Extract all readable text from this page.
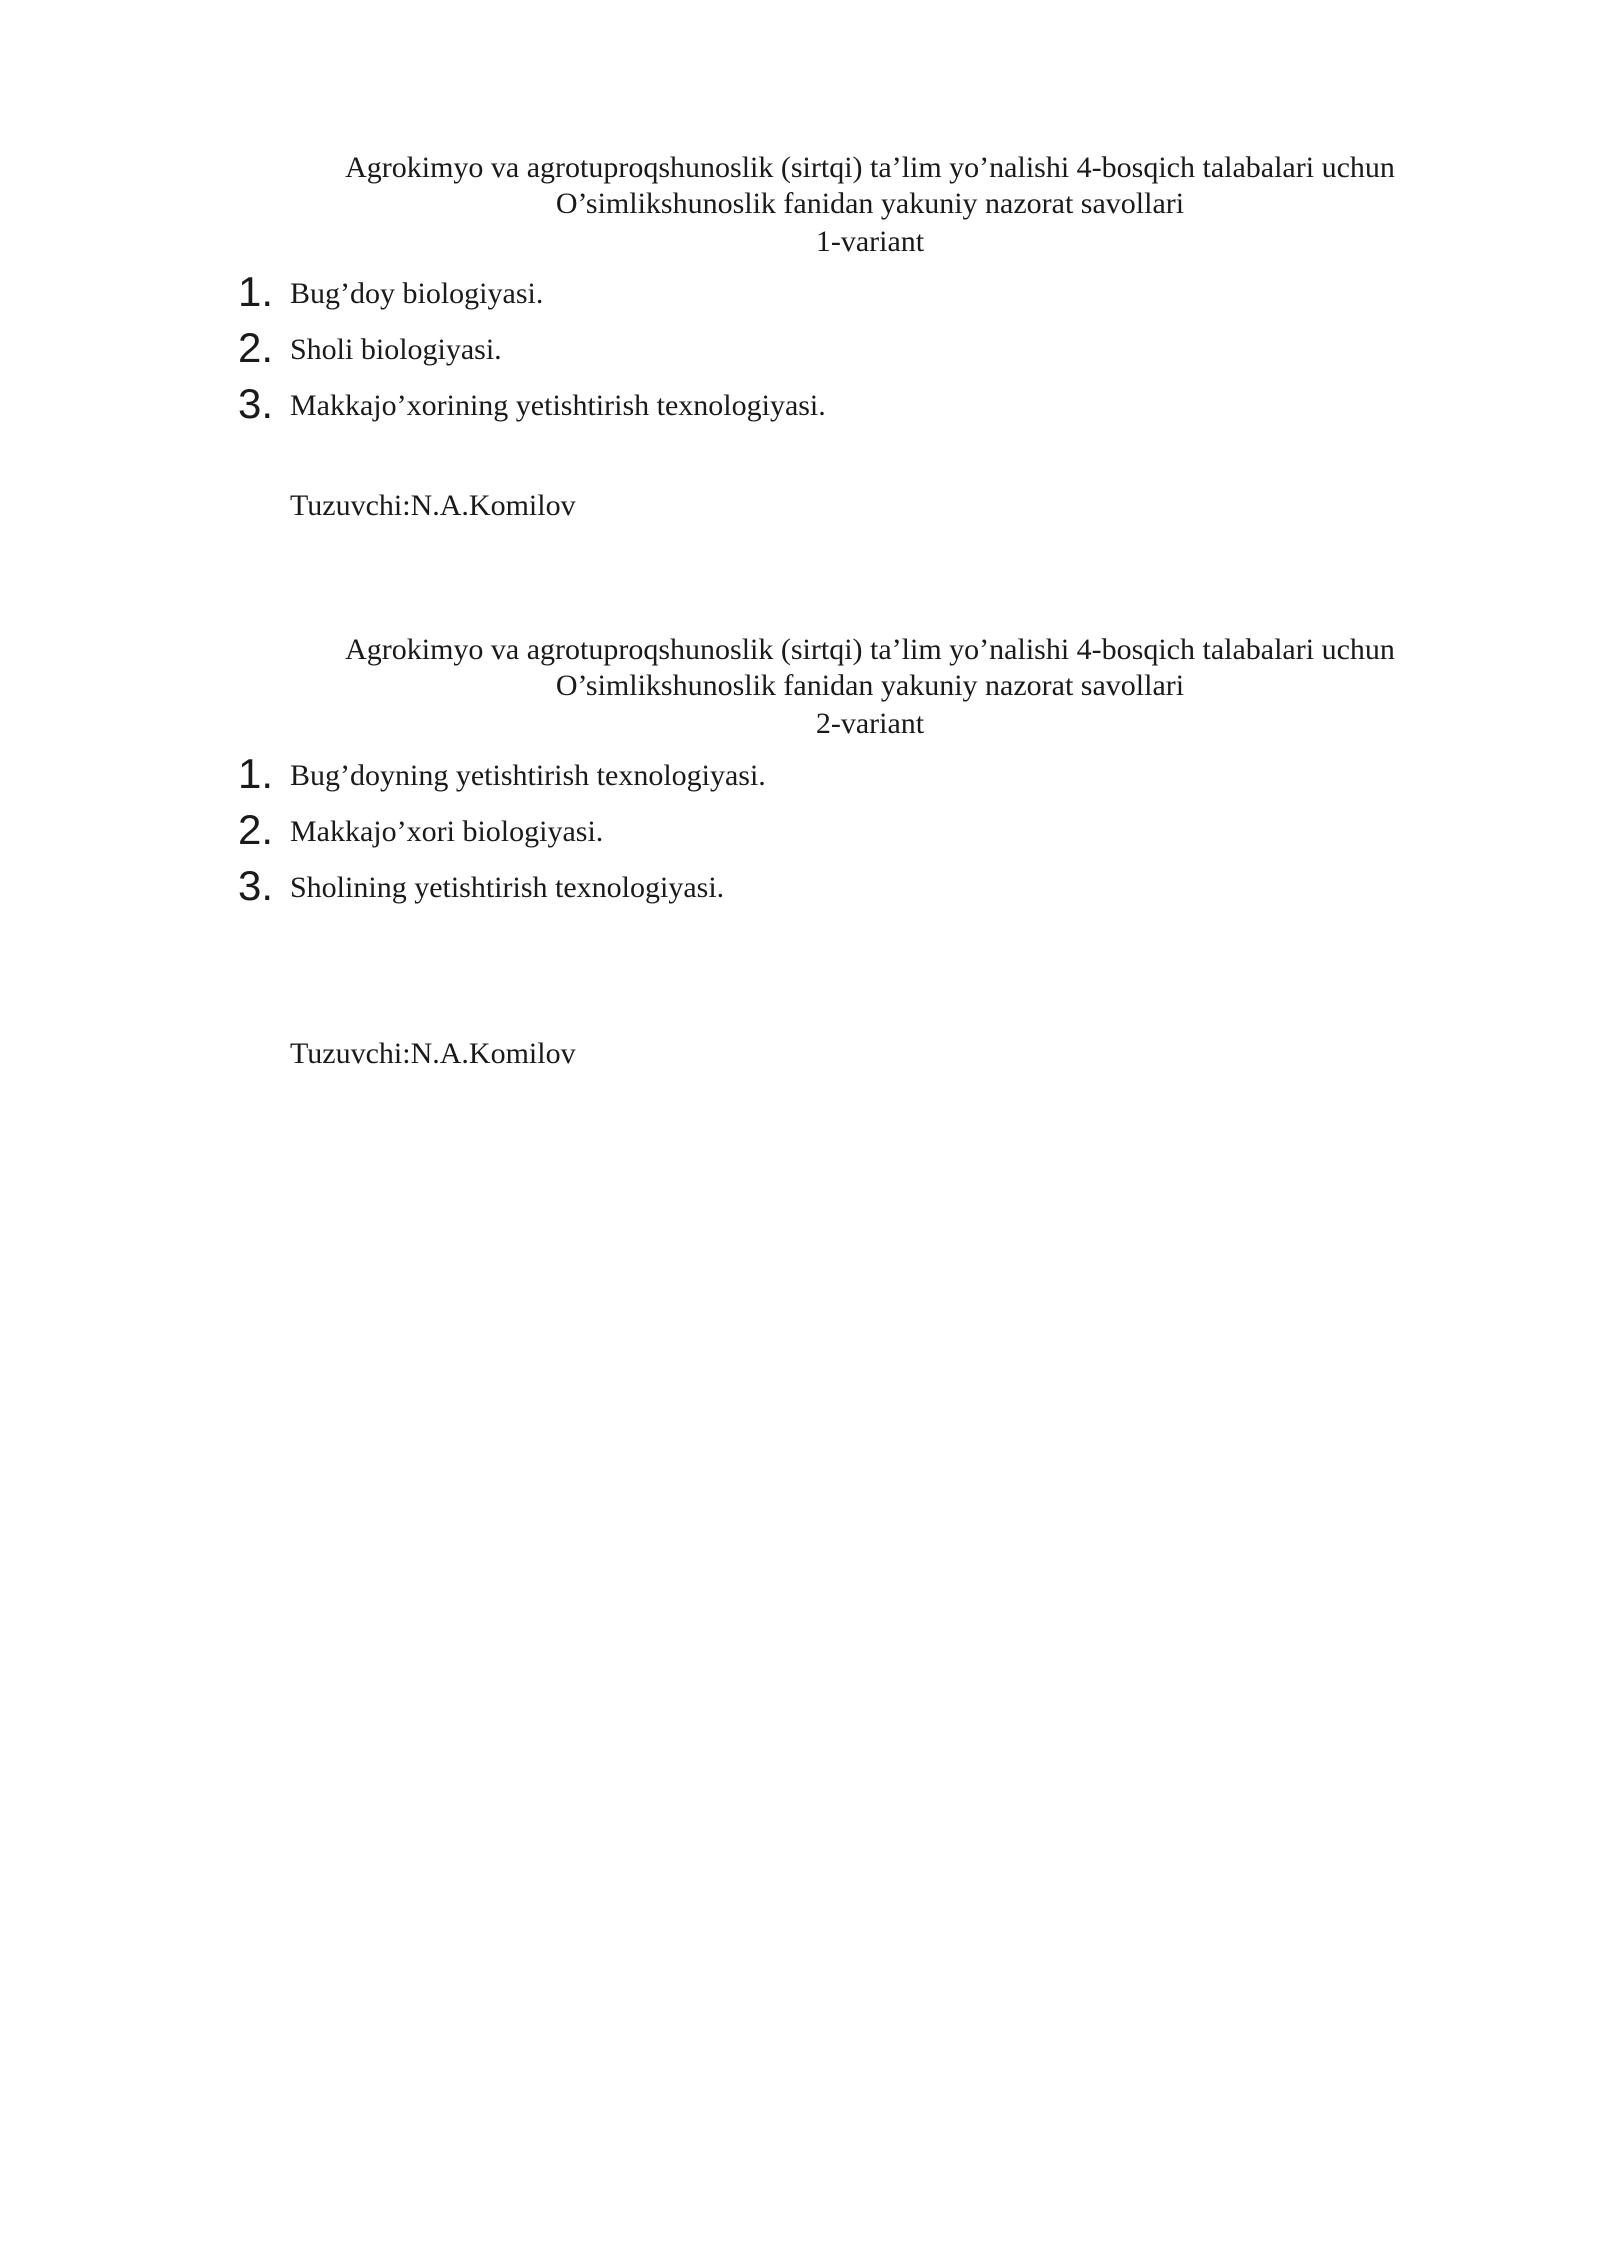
Agrokimyo va agrotuproqshunoslik (sirtqi) ta’lim yo’nalishi 4-bosqich talabalari uchun
O’simlikshunoslik fanidan yakuniy nazorat savollari
1-variant
1. Bug’doy biologiyasi.
2. Sholi biologiyasi.
3. Makkajo’xorining yetishtirish texnologiyasi.
Tuzuvchi:N.A.Komilov
Agrokimyo va agrotuproqshunoslik (sirtqi) ta’lim yo’nalishi 4-bosqich talabalari uchun
O’simlikshunoslik fanidan yakuniy nazorat savollari
2-variant
1. Bug’doyning yetishtirish texnologiyasi.
2. Makkajo’xori biologiyasi.
3. Sholining yetishtirish texnologiyasi.
Tuzuvchi:N.A.Komilov
